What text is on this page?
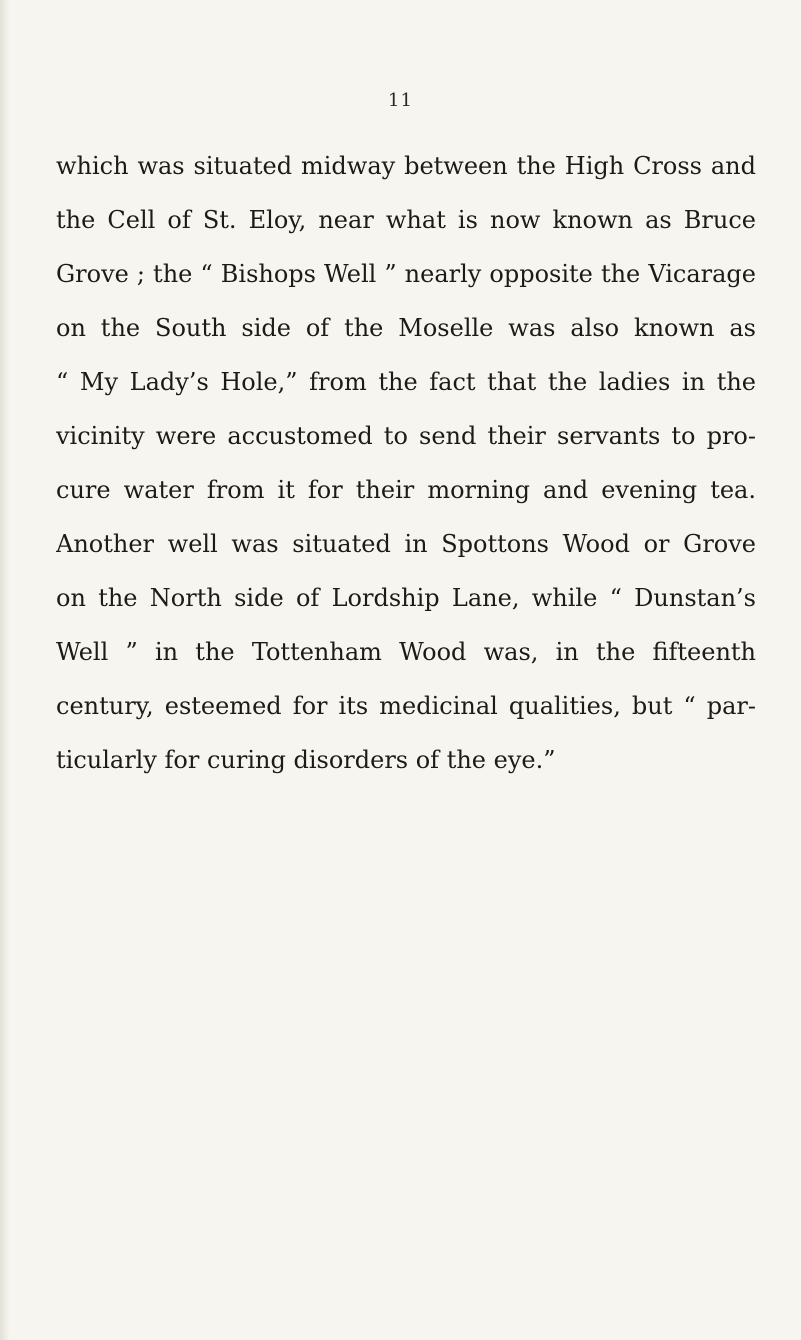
11
which was situated midway between the High Cross and
the Cell of St. Eloy, near what is now known as Bruce
Grove ; the “ Bishops Well ” nearly opposite the Vicarage
on the South side of the Moselle was also known as
“ My Lady’s Hole,” from the fact that the ladies in the
vicinity were accustomed to send their servants to pro-
cure water from it for their morning and evening tea.
Another well was situated in Spottons Wood or Grove
on the North side of Lordship Lane, while “ Dunstan’s
Well ” in the Tottenham Wood was, in the fifteenth
century, esteemed for its medicinal qualities, but “ par-
ticularly for curing disorders of the eye.”
